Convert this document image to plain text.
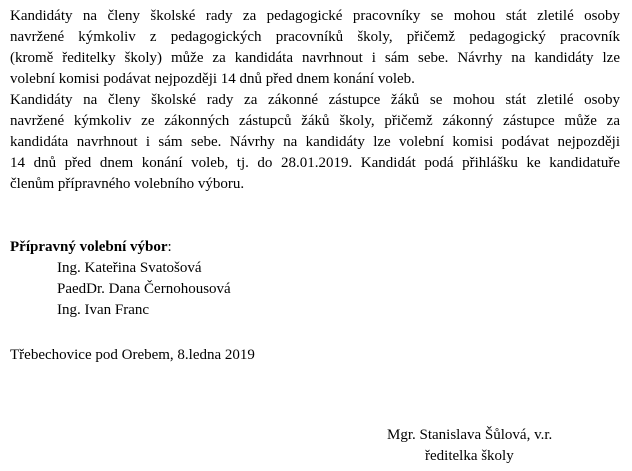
Kandidáty na členy školské rady za pedagogické pracovníky se mohou stát zletilé osoby
navržené kýmkoliv z pedagogických pracovníků školy, přičemž pedagogický pracovník
(kromě ředitelky školy) může za kandidáta navrhnout i sám sebe. Návrhy na kandidáty lze
volební komisi podávat nejpozději 14 dnů před dnem konání voleb.

Kandidáty na členy školské rady za zákonné zástupce žáků se mohou stát zletilé osoby
navržené kýmkoliv ze zákonných zástupců žáků školy, přičemž zákonný zástupce může za
kandidáta navrhnout i sám sebe. Návrhy na kandidáty lze volební komisi podávat nejpozději
14 dnů před dnem konání voleb, tj. do 28.01.2019. Kandidát podá přihlášku ke kandidatuře
členům přípravného volebního výboru.

Přípravný volební výbor:
Ing. Kateřina Svatošová
PaedDr. Dana Černohousová
Ing. Ivan Franc
Třebechovice pod Orebem, 8.ledna 2019
Mgr. Stanislava Šůlová, v.r.
ředitelka školy
